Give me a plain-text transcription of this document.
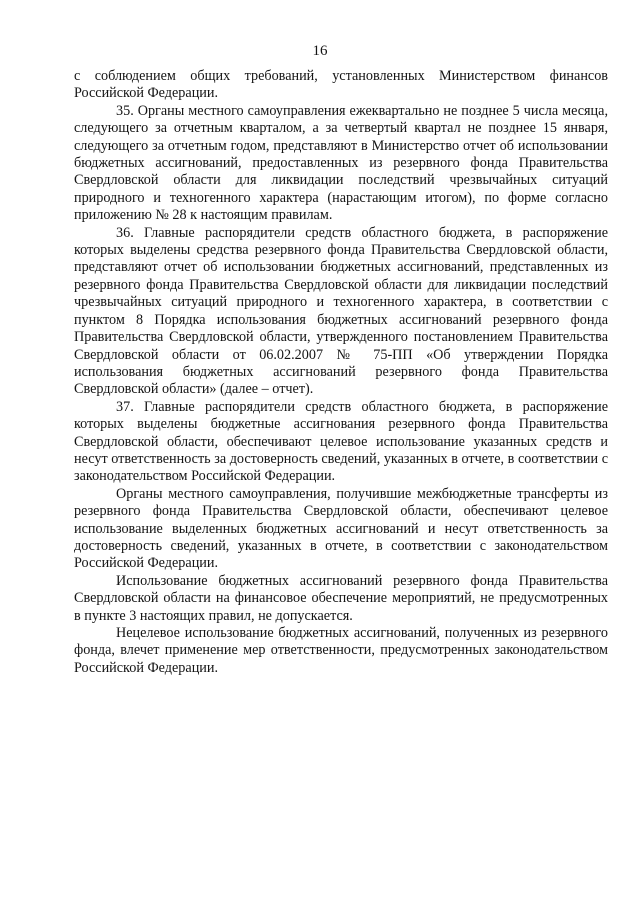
16

с соблюдением общих требований, установленных Министерством финансов Российской Федерации.

35. Органы местного самоуправления ежеквартально не позднее 5 числа месяца, следующего за отчетным кварталом, а за четвертый квартал не позднее 15 января, следующего за отчетным годом, представляют в Министерство отчет об использовании бюджетных ассигнований, предоставленных из резервного фонда Правительства Свердловской области для ликвидации последствий чрезвычайных ситуаций природного и техногенного характера (нарастающим итогом), по форме согласно приложению № 28 к настоящим правилам.

36. Главные распорядители средств областного бюджета, в распоряжение которых выделены средства резервного фонда Правительства Свердловской области, представляют отчет об использовании бюджетных ассигнований, представленных из резервного фонда Правительства Свердловской области для ликвидации последствий чрезвычайных ситуаций природного и техногенного характера, в соответствии с пунктом 8 Порядка использования бюджетных ассигнований резервного фонда Правительства Свердловской области, утвержденного постановлением Правительства Свердловской области от 06.02.2007 № 75-ПП «Об утверждении Порядка использования бюджетных ассигнований резервного фонда Правительства Свердловской области» (далее – отчет).

37. Главные распорядители средств областного бюджета, в распоряжение которых выделены бюджетные ассигнования резервного фонда Правительства Свердловской области, обеспечивают целевое использование указанных средств и несут ответственность за достоверность сведений, указанных в отчете, в соответствии с законодательством Российской Федерации.

Органы местного самоуправления, получившие межбюджетные трансферты из резервного фонда Правительства Свердловской области, обеспечивают целевое использование выделенных бюджетных ассигнований и несут ответственность за достоверность сведений, указанных в отчете, в соответствии с законодательством Российской Федерации.

Использование бюджетных ассигнований резервного фонда Правительства Свердловской области на финансовое обеспечение мероприятий, не предусмотренных в пункте 3 настоящих правил, не допускается.

Нецелевое использование бюджетных ассигнований, полученных из резервного фонда, влечет применение мер ответственности, предусмотренных законодательством Российской Федерации.
